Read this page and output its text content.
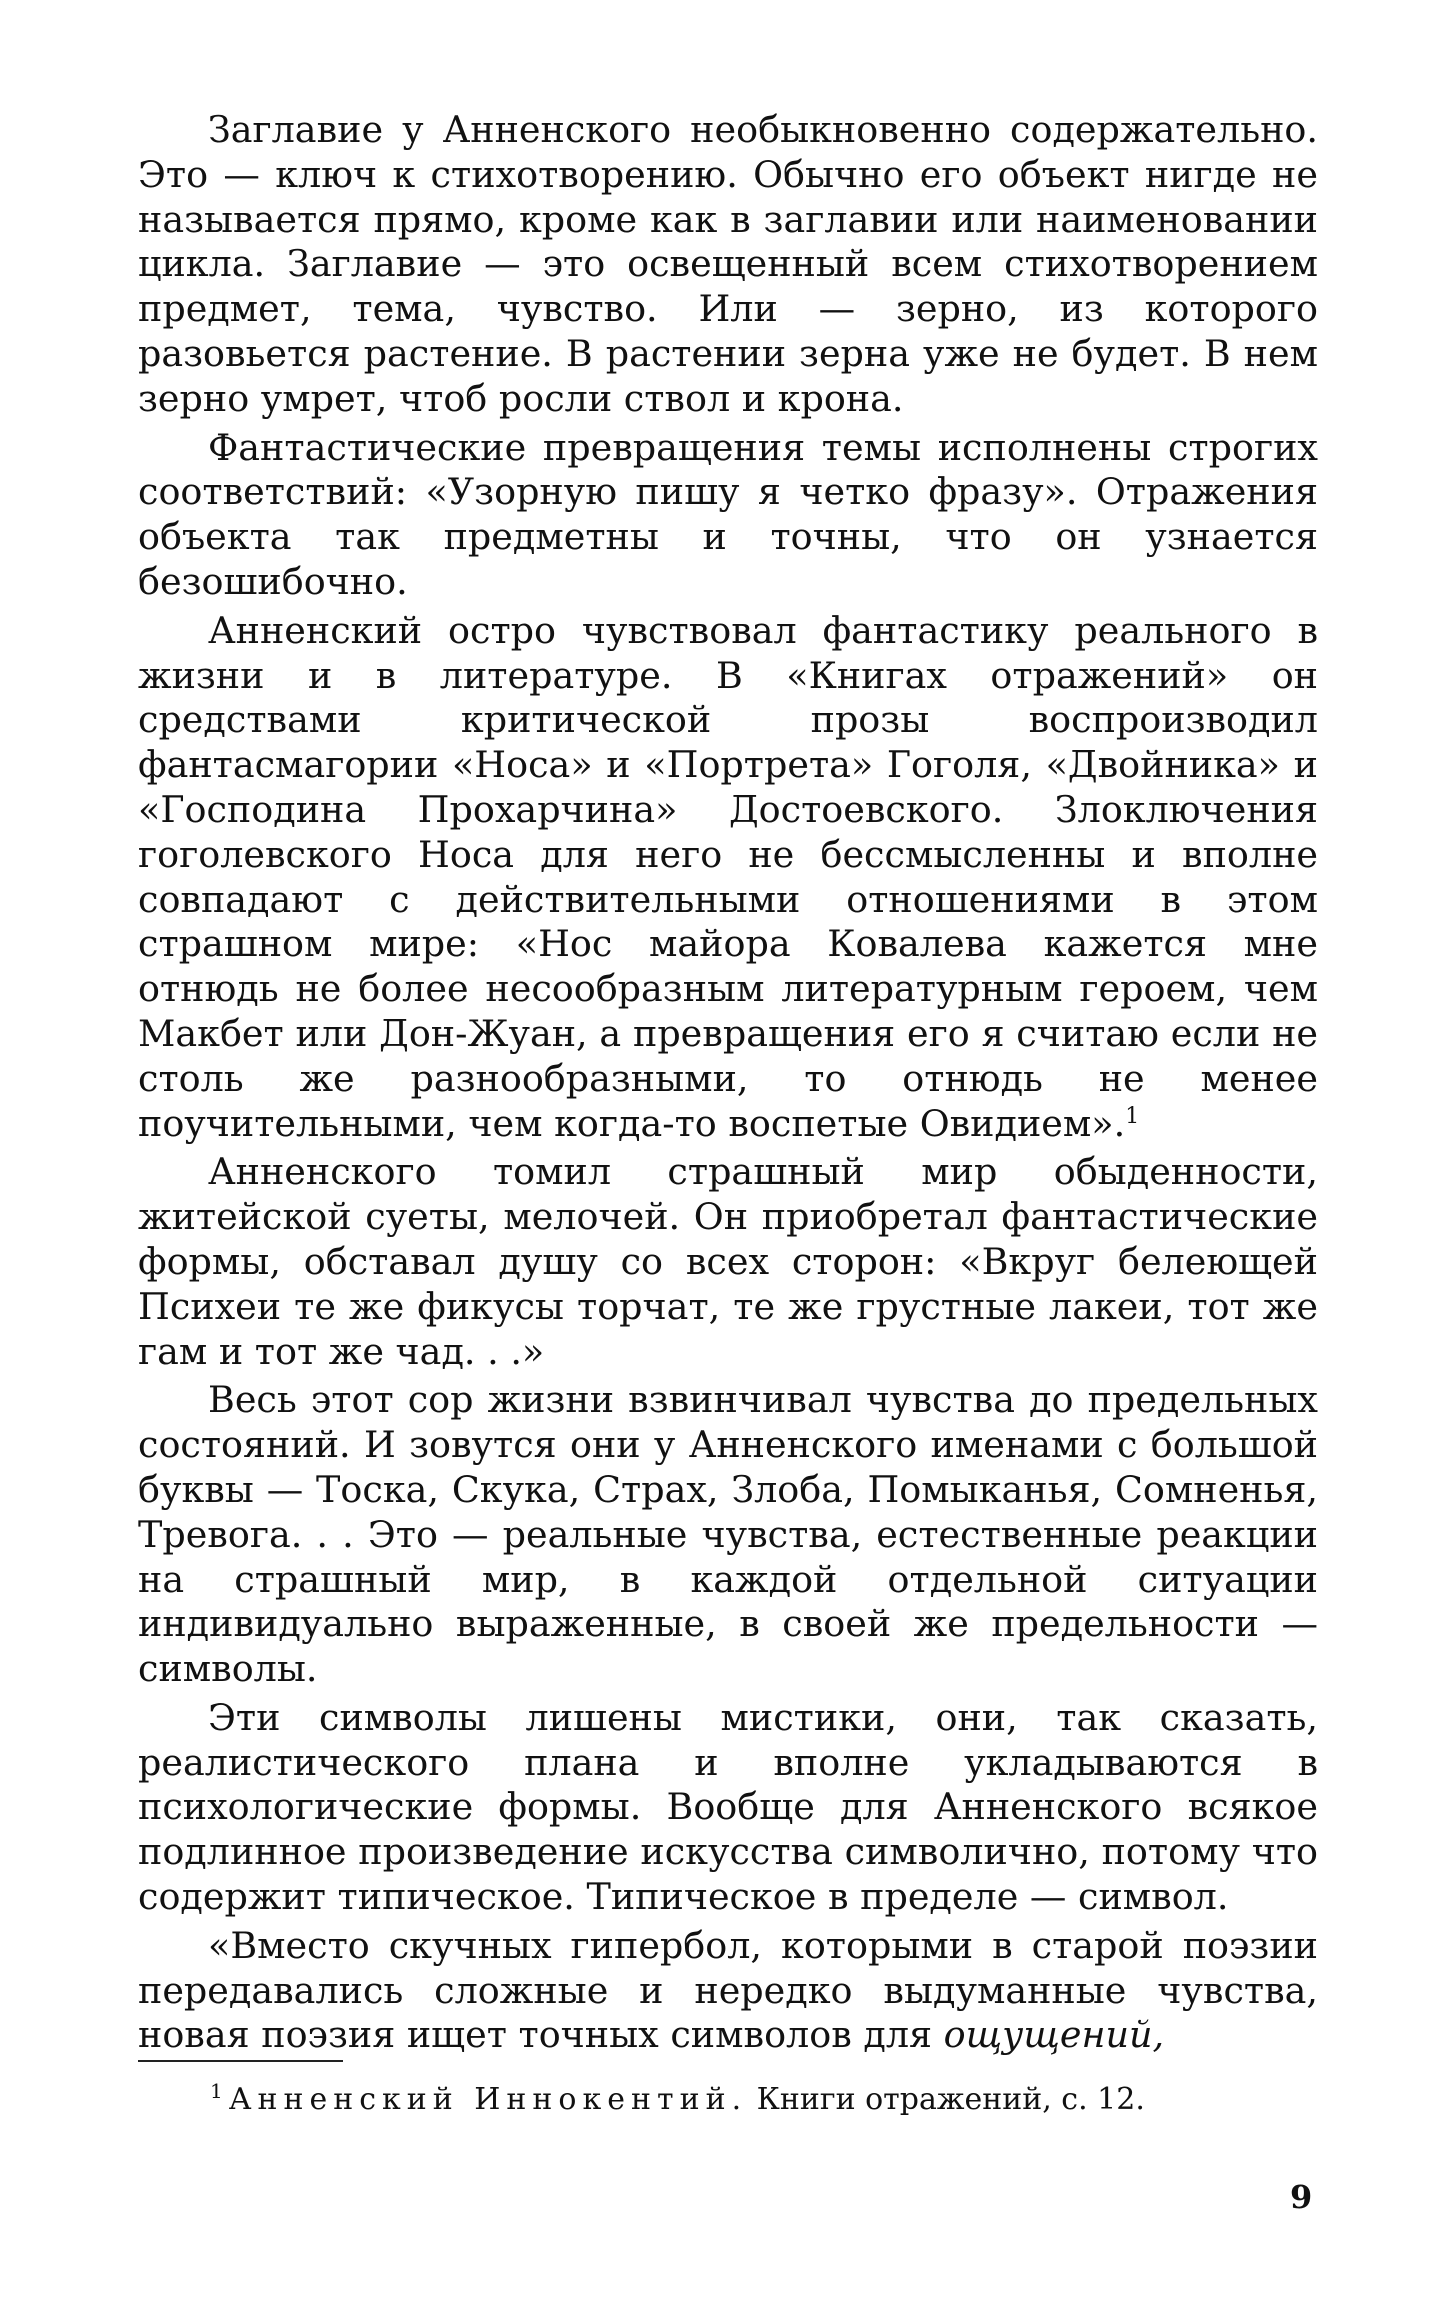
Заглавие у Анненского необыкновенно содержательно. Это — ключ к стихотворению. Обычно его объект нигде не называется прямо, кроме как в заглавии или наименовании цикла. Заглавие — это освещенный всем стихотворением предмет, тема, чувство. Или — зерно, из которого разовьется растение. В растении зерна уже не будет. В нем зерно умрет, чтоб росли ствол и крона.

Фантастические превращения темы исполнены строгих соответствий: «Узорную пишу я четко фразу». Отражения объекта так предметны и точны, что он узнается безошибочно.

Анненский остро чувствовал фантастику реального в жизни и в литературе. В «Книгах отражений» он средствами критической прозы воспроизводил фантасмагории «Носа» и «Портрета» Гоголя, «Двойника» и «Господина Прохарчина» Достоевского. Злоключения гоголевского Носа для него не бессмысленны и вполне совпадают с действительными отношениями в этом страшном мире: «Нос майора Ковалева кажется мне отнюдь не более несообразным литературным героем, чем Макбет или Дон-Жуан, а превращения его я считаю если не столь же разнообразными, то отнюдь не менее поучительными, чем когда-то воспетые Овидием».$^1$

Анненского томил страшный мир обыденности, житейской суеты, мелочей. Он приобретал фантастические формы, обставал душу со всех сторон: «Вкруг белеющей Психеи те же фикусы торчат, те же грустные лакеи, тот же гам и тот же чад. . .»

Весь этот сор жизни взвинчивал чувства до предельных состояний. И зовутся они у Анненского именами с большой буквы — Тоска, Скука, Страх, Злоба, Помыканья, Сомненья, Тревога. . . Это — реальные чувства, естественные реакции на страшный мир, в каждой отдельной ситуации индивидуально выраженные, в своей же предельности — символы.

Эти символы лишены мистики, они, так сказать, реалистического плана и вполне укладываются в психологические формы. Вообще для Анненского всякое подлинное произведение искусства символично, потому что содержит типическое. Типическое в пределе — символ.

«Вместо скучных гипербол, которыми в старой поэзии передавались сложные и нередко выдуманные чувства, новая поэзия ищет точных символов для ощущений,

$^1$ Анненский Иннокентий. Книги отражений, с. 12.
9
